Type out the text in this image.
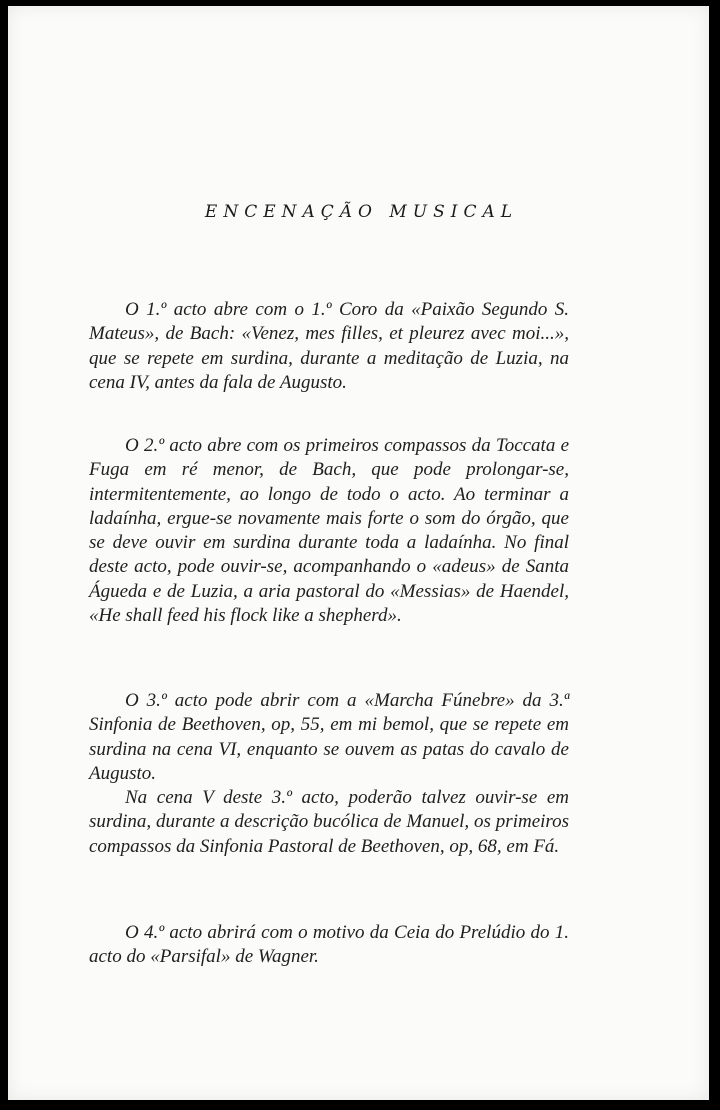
ENCENAÇÃO MUSICAL

O 1.º acto abre com o 1.º Coro da «Paixão Segundo S. Mateus», de Bach: «Venez, mes filles, et pleurez avec moi...», que se repete em surdina, durante a meditação de Luzia, na cena IV, antes da fala de Augusto.

O 2.º acto abre com os primeiros compassos da Toccata e Fuga em ré menor, de Bach, que pode prolongar-se, intermitentemente, ao longo de todo o acto. Ao terminar a ladaínha, ergue-se novamente mais forte o som do órgão, que se deve ouvir em surdina durante toda a ladaínha. No final deste acto, pode ouvir-se, acompanhando o «adeus» de Santa Águeda e de Luzia, a aria pastoral do «Messias» de Haendel, «He shall feed his flock like a shepherd».

O 3.º acto pode abrir com a «Marcha Fúnebre» da 3.ª Sinfonia de Beethoven, op, 55, em mi bemol, que se repete em surdina na cena VI, enquanto se ouvem as patas do cavalo de Augusto.

Na cena V deste 3.º acto, poderão talvez ouvir-se em surdina, durante a descrição bucólica de Manuel, os primeiros compassos da Sinfonia Pastoral de Beethoven, op, 68, em Fá.

O 4.º acto abrirá com o motivo da Ceia do Prelúdio do 1. acto do «Parsifal» de Wagner.
